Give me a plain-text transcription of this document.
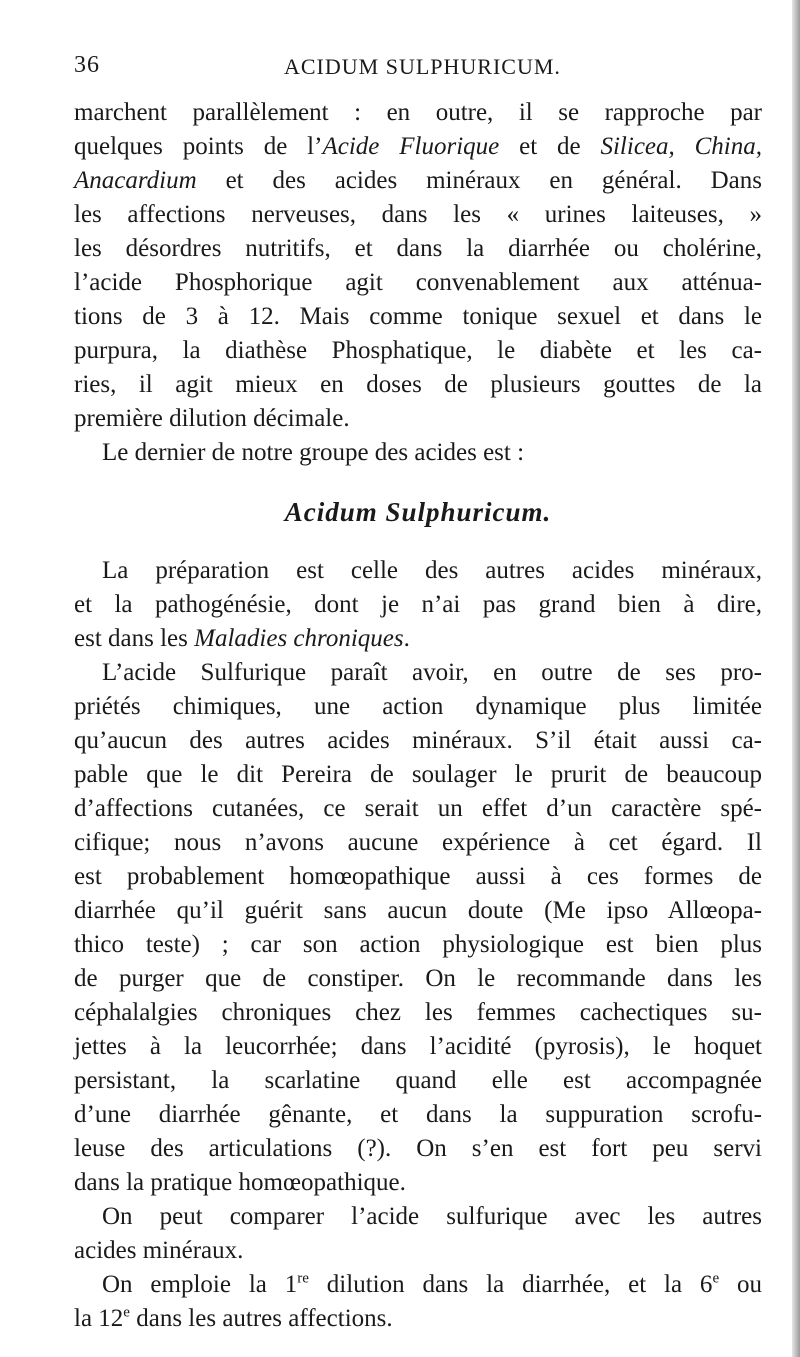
36	ACIDUM SULPHURICUM.
marchent parallèlement : en outre, il se rapproche par
quelques points de l’Acide Fluorique et de Silicea, China,
Anacardium et des acides minéraux en général. Dans
les affections nerveuses, dans les « urines laiteuses, »
les désordres nutritifs, et dans la diarrhée ou cholérine,
l’acide Phosphorique agit convenablement aux atténua-
tions de 3 à 12. Mais comme tonique sexuel et dans le
purpura, la diathèse Phosphatique, le diabète et les ca-
ries, il agit mieux en doses de plusieurs gouttes de la
première dilution décimale.
Le dernier de notre groupe des acides est :
Acidum Sulphuricum.
La préparation est celle des autres acides minéraux,
et la pathogénésie, dont je n’ai pas grand bien à dire,
est dans les Maladies chroniques.
L’acide Sulfurique paraît avoir, en outre de ses pro-
priétés chimiques, une action dynamique plus limitée
qu’aucun des autres acides minéraux. S’il était aussi ca-
pable que le dit Pereira de soulager le prurit de beaucoup
d’affections cutanées, ce serait un effet d’un caractère spé-
cifique; nous n’avons aucune expérience à cet égard. Il
est probablement homœopathique aussi à ces formes de
diarrhée qu’il guérit sans aucun doute (Me ipso Allœopa-
thico teste) ; car son action physiologique est bien plus
de purger que de constiper. On le recommande dans les
céphalalgies chroniques chez les femmes cachectiques su-
jettes à la leucorrhée; dans l’acidité (pyrosis), le hoquet
persistant, la scarlatine quand elle est accompagnée
d’une diarrhée gênante, et dans la suppuration scrofu-
leuse des articulations (?). On s’en est fort peu servi
dans la pratique homœopathique.
On peut comparer l’acide sulfurique avec les autres
acides minéraux.
On emploie la 1re dilution dans la diarrhée, et la 6e ou
la 12e dans les autres affections.
